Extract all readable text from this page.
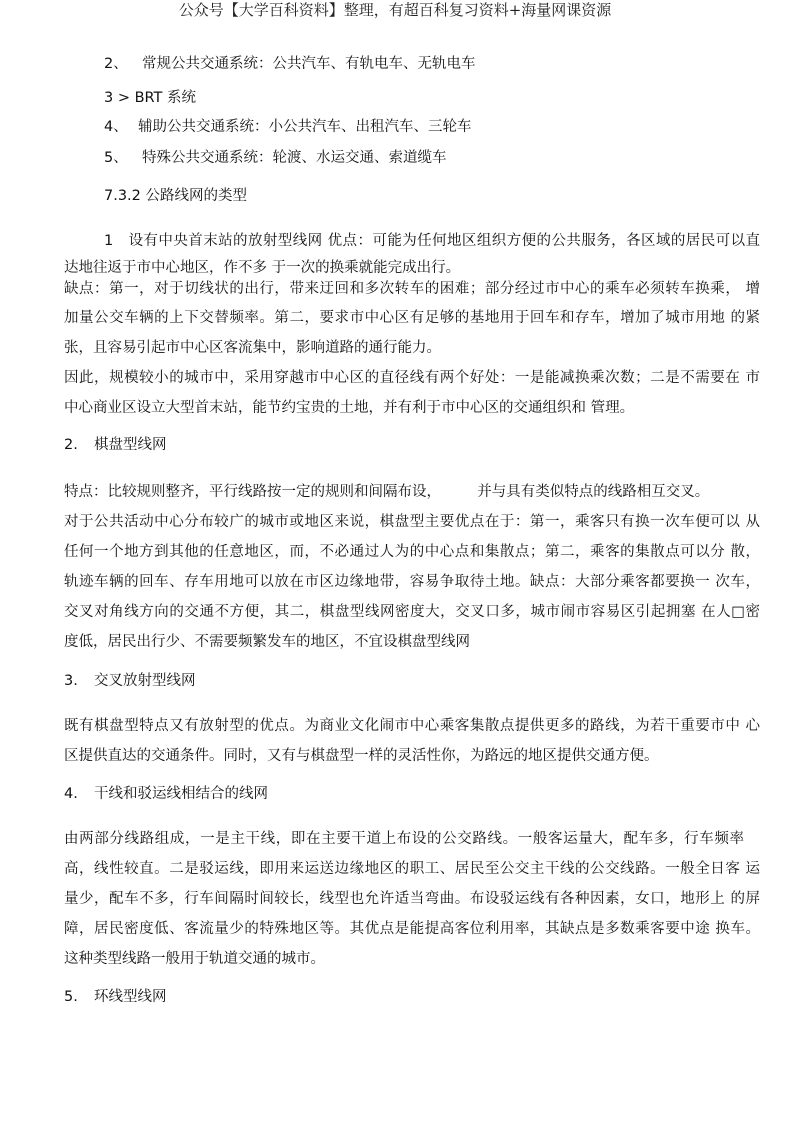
公众号【大学百科资料】整理，有超百科复习资料+海量网课资源
2、 常规公共交通系统：公共汽车、有轨电车、无轨电车
3 > BRT 系统
4、 辅助公共交通系统：小公共汽车、出租汽车、三轮车
5、 特殊公共交通系统：轮渡、水运交通、索道缆车
7.3.2 公路线网的类型
1　设有中央首末站的放射型线网 优点：可能为任何地区组织方便的公共服务，各区域的居民可以直
达地往返于市中心地区，作不多 于一次的换乘就能完成出行。
缺点：第一，对于切线状的出行，带来迂回和多次转车的困难；部分经过市中心的乘车必须转车换乘， 增
加量公交车辆的上下交替频率。第二，要求市中心区有足够的基地用于回车和存车，增加了城市用地 的紧
张，且容易引起市中心区客流集中，影响道路的通行能力。
因此，规模较小的城市中，采用穿越市中心区的直径线有两个好处：一是能减换乘次数；二是不需要在 市
中心商业区设立大型首末站，能节约宝贵的土地，并有利于市中心区的交通组织和 管理。
2. 棋盘型线网
特点：比较规则整齐，平行线路按一定的规则和间隔布设，　　　并与具有类似特点的线路相互交叉。
对于公共活动中心分布较广的城市或地区来说，棋盘型主要优点在于：第一，乘客只有换一次车便可以 从
任何一个地方到其他的任意地区，而，不必通过人为的中心点和集散点；第二，乘客的集散点可以分 散，
轨迹车辆的回车、存车用地可以放在市区边缘地带，容易争取待土地。缺点：大部分乘客都要换一 次车，
交叉对角线方向的交通不方便，其二，棋盘型线网密度大，交叉口多，城市闹市容易区引起拥塞 在人□密
度低，居民出行少、不需要频繁发车的地区，不宜设棋盘型线网
3. 交叉放射型线网
既有棋盘型特点又有放射型的优点。为商业文化闹市中心乘客集散点提供更多的路线，为若干重要市中 心
区提供直达的交通条件。同时，又有与棋盘型一样的灵活性你，为路远的地区提供交通方便。
4. 干线和驳运线相结合的线网
由两部分线路组成，一是主干线，即在主要干道上布设的公交路线。一般客运量大，配车多，行车频率
高，线性较直。二是驳运线，即用来运送边缘地区的职工、居民至公交主干线的公交线路。一般全日客 运
量少，配车不多，行车间隔时间较长，线型也允许适当弯曲。布设驳运线有各种因素，女口，地形上 的屏
障，居民密度低、客流量少的特殊地区等。其优点是能提高客位利用率，其缺点是多数乘客要中途 换车。
这种类型线路一般用于轨道交通的城市。
5. 环线型线网
